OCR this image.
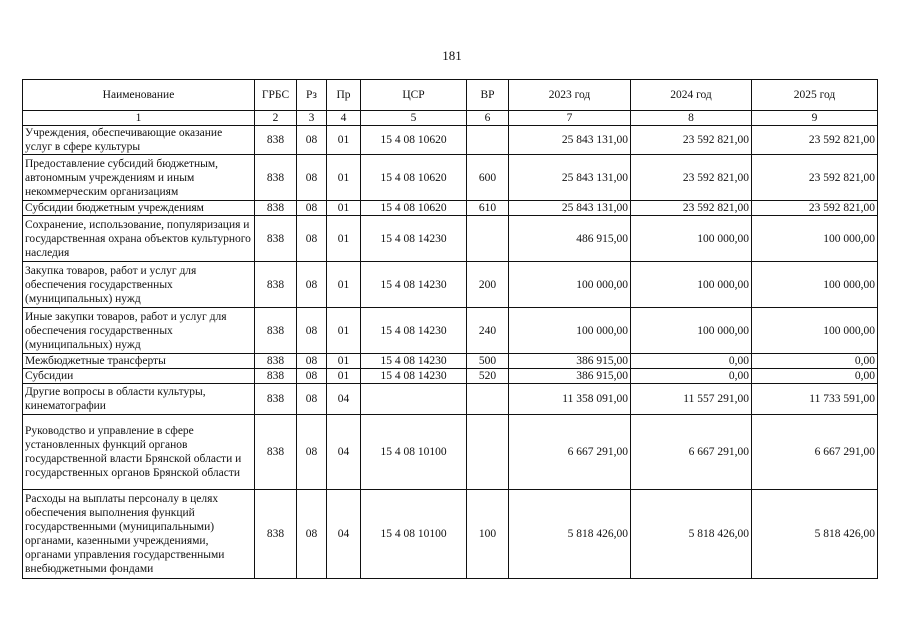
181
Наименование	ГРБС	Рз	Пр	ЦСР	ВР	2023 год	2024 год	2025 год
1	2	3	4	5	6	7	8	9
Учреждения, обеспечивающие оказание услуг в сфере культуры	838	08	01	15 4 08 10620		25 843 131,00	23 592 821,00	23 592 821,00
Предоставление субсидий бюджетным, автономным учреждениям и иным некоммерческим организациям	838	08	01	15 4 08 10620	600	25 843 131,00	23 592 821,00	23 592 821,00
Субсидии бюджетным учреждениям	838	08	01	15 4 08 10620	610	25 843 131,00	23 592 821,00	23 592 821,00
Сохранение, использование, популяризация и государственная охрана объектов культурного наследия	838	08	01	15 4 08 14230		486 915,00	100 000,00	100 000,00
Закупка товаров, работ и услуг для обеспечения государственных (муниципальных) нужд	838	08	01	15 4 08 14230	200	100 000,00	100 000,00	100 000,00
Иные закупки товаров, работ и услуг для обеспечения государственных (муниципальных) нужд	838	08	01	15 4 08 14230	240	100 000,00	100 000,00	100 000,00
Межбюджетные трансферты	838	08	01	15 4 08 14230	500	386 915,00	0,00	0,00
Субсидии	838	08	01	15 4 08 14230	520	386 915,00	0,00	0,00
Другие вопросы в области культуры, кинематографии	838	08	04			11 358 091,00	11 557 291,00	11 733 591,00
Руководство и управление в сфере установленных функций органов государственной власти Брянской области и государственных органов Брянской области	838	08	04	15 4 08 10100		6 667 291,00	6 667 291,00	6 667 291,00
Расходы на выплаты персоналу в целях обеспечения выполнения функций государственными (муниципальными) органами, казенными учреждениями, органами управления государственными внебюджетными фондами	838	08	04	15 4 08 10100	100	5 818 426,00	5 818 426,00	5 818 426,00
